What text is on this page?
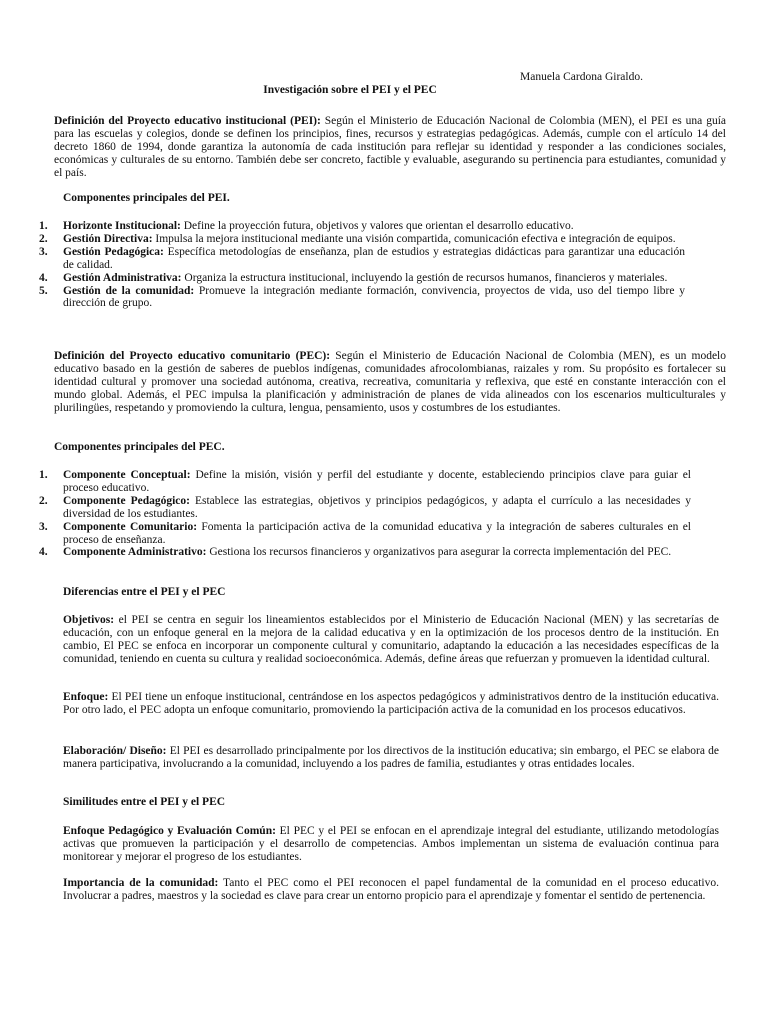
Manuela Cardona Giraldo.
Investigación sobre el PEI y el PEC

Definición del Proyecto educativo institucional (PEI): Según el Ministerio de Educación Nacional de Colombia (MEN), el PEI es una guía para las escuelas y colegios, donde se definen los principios, fines, recursos y estrategias pedagógicas. Además, cumple con el artículo 14 del decreto 1860 de 1994, donde garantiza la autonomía de cada institución para reflejar su identidad y responder a las condiciones sociales, económicas y culturales de su entorno. También debe ser concreto, factible y evaluable, asegurando su pertinencia para estudiantes, comunidad y el país.

Componentes principales del PEI.

1. Horizonte Institucional: Define la proyección futura, objetivos y valores que orientan el desarrollo educativo.
2. Gestión Directiva: Impulsa la mejora institucional mediante una visión compartida, comunicación efectiva e integración de equipos.
3. Gestión Pedagógica: Específica metodologías de enseñanza, plan de estudios y estrategias didácticas para garantizar una educación de calidad.
4. Gestión Administrativa: Organiza la estructura institucional, incluyendo la gestión de recursos humanos, financieros y materiales.
5. Gestión de la comunidad: Promueve la integración mediante formación, convivencia, proyectos de vida, uso del tiempo libre y dirección de grupo.

Definición del Proyecto educativo comunitario (PEC): Según el Ministerio de Educación Nacional de Colombia (MEN), es un modelo educativo basado en la gestión de saberes de pueblos indígenas, comunidades afrocolombianas, raizales y rom. Su propósito es fortalecer su identidad cultural y promover una sociedad autónoma, creativa, recreativa, comunitaria y reflexiva, que esté en constante interacción con el mundo global. Además, el PEC impulsa la planificación y administración de planes de vida alineados con los escenarios multiculturales y plurilingües, respetando y promoviendo la cultura, lengua, pensamiento, usos y costumbres de los estudiantes.

Componentes principales del PEC.

1. Componente Conceptual: Define la misión, visión y perfil del estudiante y docente, estableciendo principios clave para guiar el proceso educativo.
2. Componente Pedagógico: Establece las estrategias, objetivos y principios pedagógicos, y adapta el currículo a las necesidades y diversidad de los estudiantes.
3. Componente Comunitario: Fomenta la participación activa de la comunidad educativa y la integración de saberes culturales en el proceso de enseñanza.
4. Componente Administrativo: Gestiona los recursos financieros y organizativos para asegurar la correcta implementación del PEC.

Diferencias entre el PEI y el PEC

Objetivos: el PEI se centra en seguir los lineamientos establecidos por el Ministerio de Educación Nacional (MEN) y las secretarías de educación, con un enfoque general en la mejora de la calidad educativa y en la optimización de los procesos dentro de la institución. En cambio, El PEC se enfoca en incorporar un componente cultural y comunitario, adaptando la educación a las necesidades específicas de la comunidad, teniendo en cuenta su cultura y realidad socioeconómica. Además, define áreas que refuerzan y promueven la identidad cultural.

Enfoque: El PEI tiene un enfoque institucional, centrándose en los aspectos pedagógicos y administrativos dentro de la institución educativa. Por otro lado, el PEC adopta un enfoque comunitario, promoviendo la participación activa de la comunidad en los procesos educativos.

Elaboración/ Diseño: El PEI es desarrollado principalmente por los directivos de la institución educativa; sin embargo, el PEC se elabora de manera participativa, involucrando a la comunidad, incluyendo a los padres de familia, estudiantes y otras entidades locales.

Similitudes entre el PEI y el PEC

Enfoque Pedagógico y Evaluación Común: El PEC y el PEI se enfocan en el aprendizaje integral del estudiante, utilizando metodologías activas que promueven la participación y el desarrollo de competencias. Ambos implementan un sistema de evaluación continua para monitorear y mejorar el progreso de los estudiantes.

Importancia de la comunidad: Tanto el PEC como el PEI reconocen el papel fundamental de la comunidad en el proceso educativo. Involucrar a padres, maestros y la sociedad es clave para crear un entorno propicio para el aprendizaje y fomentar el sentido de pertenencia.
